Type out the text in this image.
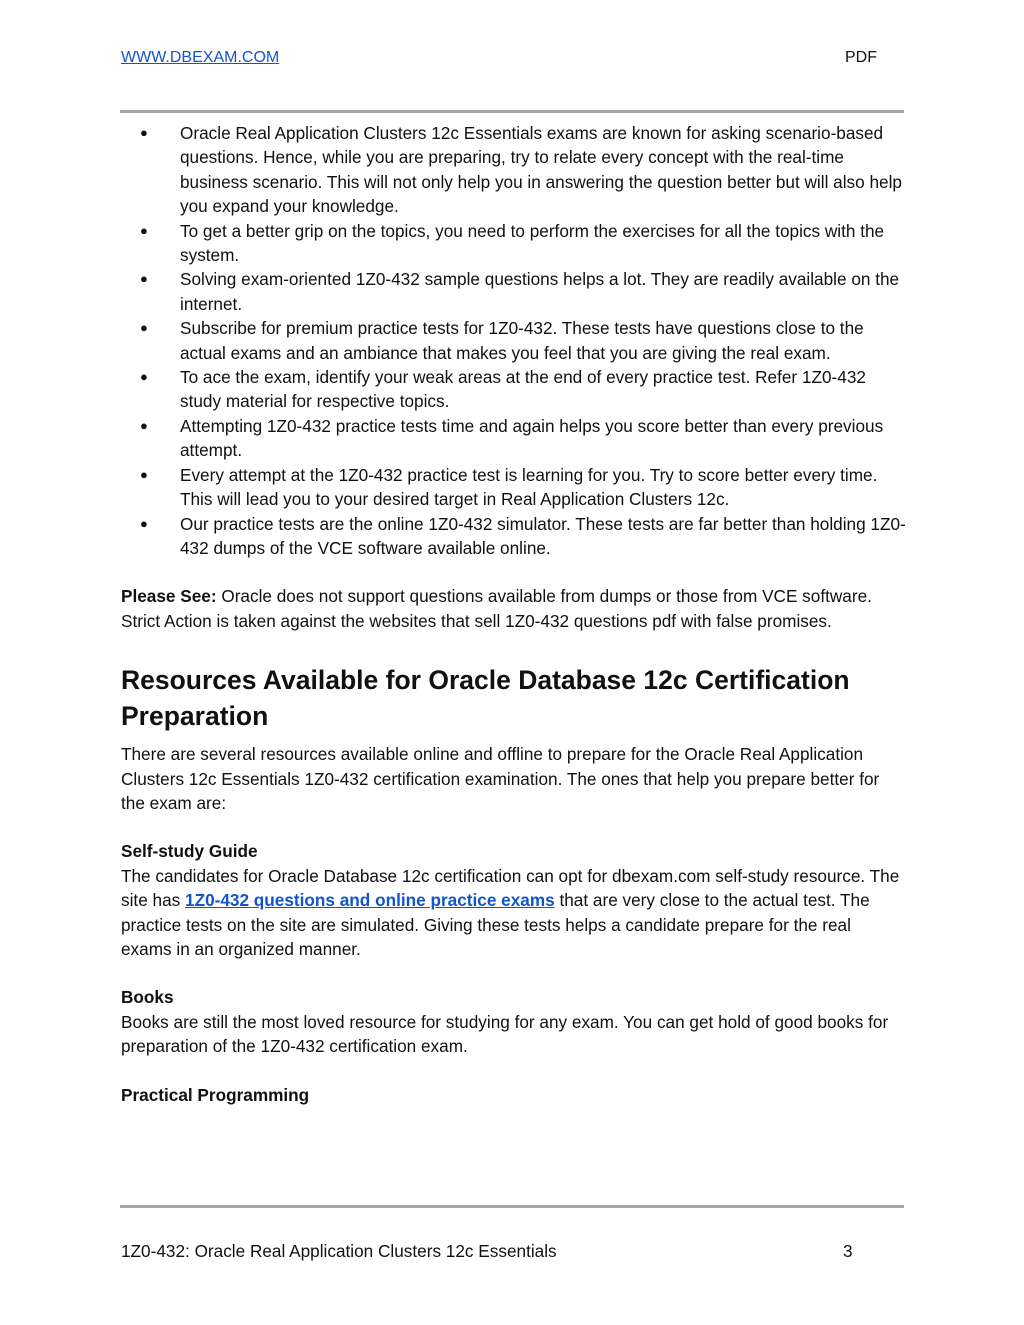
WWW.DBEXAM.COM	PDF
● Oracle Real Application Clusters 12c Essentials exams are known for asking scenario-based questions. Hence, while you are preparing, try to relate every concept with the real-time business scenario. This will not only help you in answering the question better but will also help you expand your knowledge.
● To get a better grip on the topics, you need to perform the exercises for all the topics with the system.
● Solving exam-oriented 1Z0-432 sample questions helps a lot. They are readily available on the internet.
● Subscribe for premium practice tests for 1Z0-432. These tests have questions close to the actual exams and an ambiance that makes you feel that you are giving the real exam.
● To ace the exam, identify your weak areas at the end of every practice test. Refer 1Z0-432 study material for respective topics.
● Attempting 1Z0-432 practice tests time and again helps you score better than every previous attempt.
● Every attempt at the 1Z0-432 practice test is learning for you. Try to score better every time. This will lead you to your desired target in Real Application Clusters 12c.
● Our practice tests are the online 1Z0-432 simulator. These tests are far better than holding 1Z0-432 dumps of the VCE software available online.

Please See: Oracle does not support questions available from dumps or those from VCE software. Strict Action is taken against the websites that sell 1Z0-432 questions pdf with false promises.

Resources Available for Oracle Database 12c Certification Preparation

There are several resources available online and offline to prepare for the Oracle Real Application Clusters 12c Essentials 1Z0-432 certification examination. The ones that help you prepare better for the exam are:

Self-study Guide

The candidates for Oracle Database 12c certification can opt for dbexam.com self-study resource. The site has 1Z0-432 questions and online practice exams that are very close to the actual test. The practice tests on the site are simulated. Giving these tests helps a candidate prepare for the real exams in an organized manner.

Books

Books are still the most loved resource for studying for any exam. You can get hold of good books for preparation of the 1Z0-432 certification exam.

Practical Programming
1Z0-432: Oracle Real Application Clusters 12c Essentials	3
